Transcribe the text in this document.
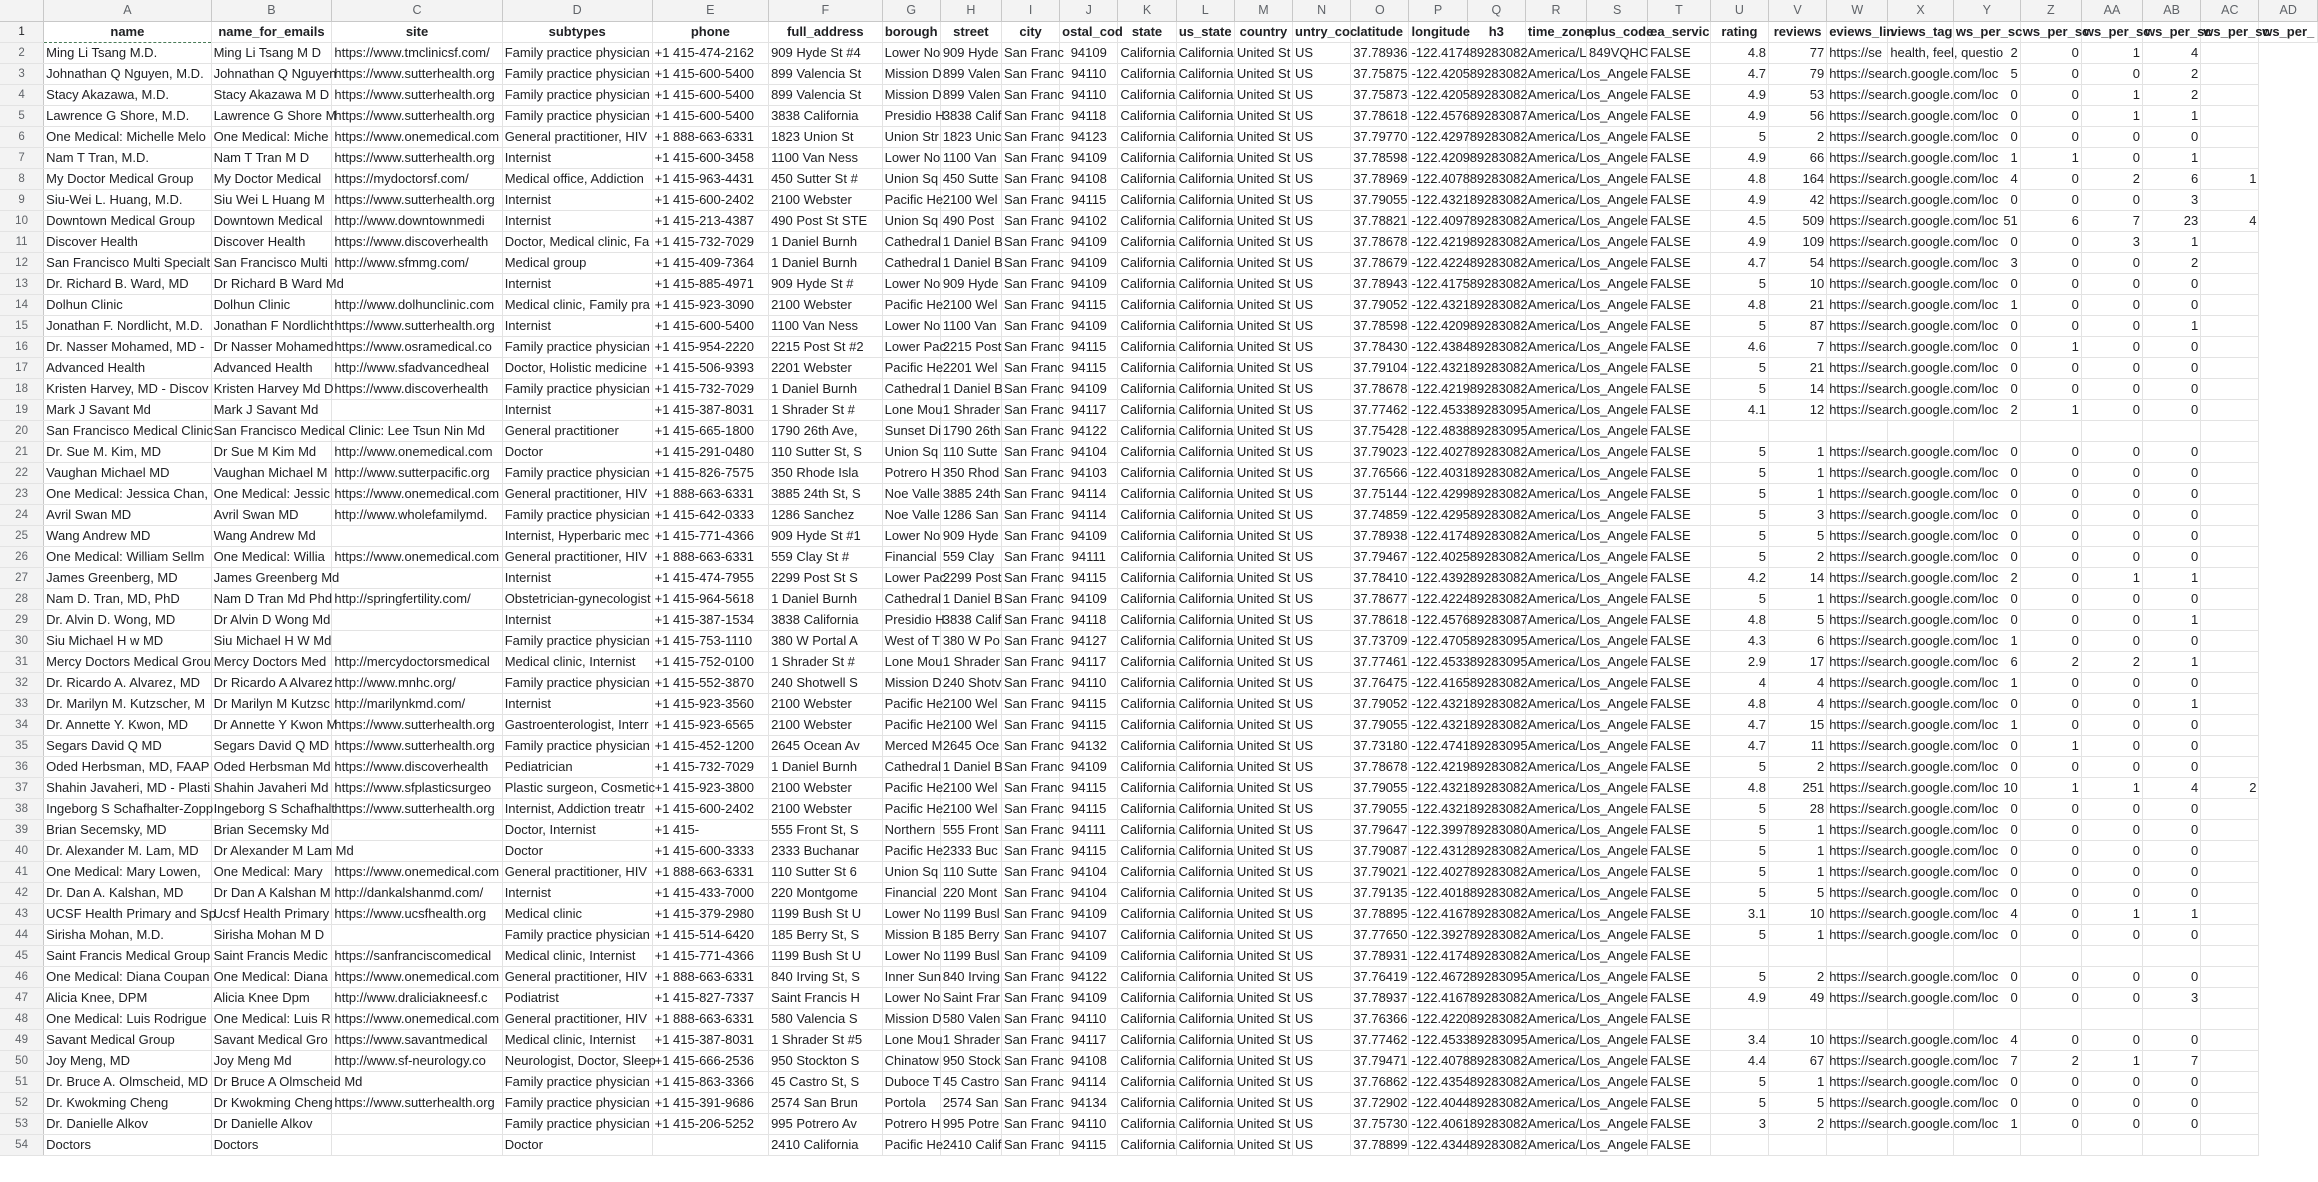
	A	B	C	D	E	F	G	H	I	J	K	L	M	N	O	P	Q	R	S	T	U	V	W	X	Y	Z	AA	AB	AC	AD
1	name	name_for_emails	site	subtypes	phone	full_address	borough	street	city	ostal_cod	state	us_state	country	untry_coc	latitude	longitude	h3	time_zone	plus_code	ea_servic	rating	reviews	eviews_lin	views_tag	ws_per_sc	ws_per_sc	ws_per_sc	ws_per_sc	ws_per_sc	ws_per_
2	Ming Li Tsang M.D.	Ming Li Tsang M D	https://www.tmclinicsf.com/	Family practice physician	+1 415-474-2162	909 Hyde St #4	Lower No	909 Hyde	San Franc	94109	California	California	United St	US	37.78936	-122.4174	89283082	America/L	849VQHC	FALSE	4.8	77	https://se	health, feel, questio	2	0	1	4		
3	Johnathan Q Nguyen, M.D.	Johnathan Q Nguyen	https://www.sutterhealth.org	Family practice physician	+1 415-600-5400	899 Valencia St	Mission D	899 Valen	San Franc	94110	California	California	United St	US	37.75875	-122.4205	89283082	America/Los_Angele		FALSE	4.7	79	https://search.google.com/loc		5	0	0	2		
4	Stacy Akazawa, M.D.	Stacy Akazawa M D	https://www.sutterhealth.org	Family practice physician	+1 415-600-5400	899 Valencia St	Mission D	899 Valen	San Franc	94110	California	California	United St	US	37.75873	-122.4205	89283082	America/Los_Angele		FALSE	4.9	53	https://search.google.com/loc		0	0	1	2		
5	Lawrence G Shore, M.D.	Lawrence G Shore M	https://www.sutterhealth.org	Family practice physician	+1 415-600-5400	3838 California	Presidio H	3838 Calif	San Franc	94118	California	California	United St	US	37.78618	-122.4576	89283087	America/Los_Angele		FALSE	4.9	56	https://search.google.com/loc		0	0	1	1		
6	One Medical: Michelle Melo	One Medical: Miche	https://www.onemedical.com	General practitioner, HIV	+1 888-663-6331	1823 Union St	Union Str	1823 Unic	San Franc	94123	California	California	United St	US	37.79770	-122.4297	89283082	America/Los_Angele		FALSE	5	2	https://search.google.com/loc		0	0	0	0		
7	Nam T Tran, M.D.	Nam T Tran M D	https://www.sutterhealth.org	Internist	+1 415-600-3458	1100 Van Ness	Lower No	1100 Van	San Franc	94109	California	California	United St	US	37.78598	-122.4209	89283082	America/Los_Angele		FALSE	4.9	66	https://search.google.com/loc		1	1	0	1		
8	My Doctor Medical Group	My Doctor Medical	https://mydoctorsf.com/	Medical office, Addiction	+1 415-963-4431	450 Sutter St #	Union Sq	450 Sutte	San Franc	94108	California	California	United St	US	37.78969	-122.4078	89283082	America/Los_Angele		FALSE	4.8	164	https://search.google.com/loc		4	0	2	6	1	
9	Siu-Wei L. Huang, M.D.	Siu Wei L Huang M	https://www.sutterhealth.org	Internist	+1 415-600-2402	2100 Webster	Pacific He	2100 Wel	San Franc	94115	California	California	United St	US	37.79055	-122.4321	89283082	America/Los_Angele		FALSE	4.9	42	https://search.google.com/loc		0	0	0	3		
10	Downtown Medical Group	Downtown Medical	http://www.downtownmedi	Internist	+1 415-213-4387	490 Post St STE	Union Sq	490 Post	San Franc	94102	California	California	United St	US	37.78821	-122.4097	89283082	America/Los_Angele		FALSE	4.5	509	https://search.google.com/loc		51	6	7	23	4	
11	Discover Health	Discover Health	https://www.discoverhealth	Doctor, Medical clinic, Fa	+1 415-732-7029	1 Daniel Burnh	Cathedral	1 Daniel B	San Franc	94109	California	California	United St	US	37.78678	-122.4219	89283082	America/Los_Angele		FALSE	4.9	109	https://search.google.com/loc		0	0	3	1		
12	San Francisco Multi Specialt	San Francisco Multi	http://www.sfmmg.com/	Medical group	+1 415-409-7364	1 Daniel Burnh	Cathedral	1 Daniel B	San Franc	94109	California	California	United St	US	37.78679	-122.4224	89283082	America/Los_Angele		FALSE	4.7	54	https://search.google.com/loc		3	0	0	2		
13	Dr. Richard B. Ward, MD	Dr Richard B Ward Md		Internist	+1 415-885-4971	909 Hyde St #	Lower No	909 Hyde	San Franc	94109	California	California	United St	US	37.78943	-122.4175	89283082	America/Los_Angele		FALSE	5	10	https://search.google.com/loc		0	0	0	0		
14	Dolhun Clinic	Dolhun Clinic	http://www.dolhunclinic.com	Medical clinic, Family pra	+1 415-923-3090	2100 Webster	Pacific He	2100 Wel	San Franc	94115	California	California	United St	US	37.79052	-122.4321	89283082	America/Los_Angele		FALSE	4.8	21	https://search.google.com/loc		1	0	0	0		
15	Jonathan F. Nordlicht, M.D.	Jonathan F Nordlicht	https://www.sutterhealth.org	Internist	+1 415-600-5400	1100 Van Ness	Lower No	1100 Van	San Franc	94109	California	California	United St	US	37.78598	-122.4209	89283082	America/Los_Angele		FALSE	5	87	https://search.google.com/loc		0	0	0	1		
16	Dr. Nasser Mohamed, MD -	Dr Nasser Mohamed	https://www.osramedical.co	Family practice physician	+1 415-954-2220	2215 Post St #2	Lower Pac	2215 Post	San Franc	94115	California	California	United St	US	37.78430	-122.4384	89283082	America/Los_Angele		FALSE	4.6	7	https://search.google.com/loc		0	1	0	0		
17	Advanced Health	Advanced Health	http://www.sfadvancedheal	Doctor, Holistic medicine	+1 415-506-9393	2201 Webster	Pacific He	2201 Wel	San Franc	94115	California	California	United St	US	37.79104	-122.4321	89283082	America/Los_Angele		FALSE	5	21	https://search.google.com/loc		0	0	0	0		
18	Kristen Harvey, MD - Discov	Kristen Harvey Md D	https://www.discoverhealth	Family practice physician	+1 415-732-7029	1 Daniel Burnh	Cathedral	1 Daniel B	San Franc	94109	California	California	United St	US	37.78678	-122.4219	89283082	America/Los_Angele		FALSE	5	14	https://search.google.com/loc		0	0	0	0		
19	Mark J Savant Md	Mark J Savant Md		Internist	+1 415-387-8031	1 Shrader St #	Lone Mou	1 Shrader	San Franc	94117	California	California	United St	US	37.77462	-122.4533	89283095	America/Los_Angele		FALSE	4.1	12	https://search.google.com/loc		2	1	0	0		
20	San Francisco Medical Clinic	San Francisco Medical Clinic: Lee Tsun Nin Md		General practitioner	+1 415-665-1800	1790 26th Ave,	Sunset Di	1790 26th	San Franc	94122	California	California	United St	US	37.75428	-122.4838	89283095	America/Los_Angele		FALSE										
21	Dr. Sue M. Kim, MD	Dr Sue M Kim Md	http://www.onemedical.com	Doctor	+1 415-291-0480	110 Sutter St, S	Union Sq	110 Sutte	San Franc	94104	California	California	United St	US	37.79023	-122.4027	89283082	America/Los_Angele		FALSE	5	1	https://search.google.com/loc		0	0	0	0		
22	Vaughan Michael MD	Vaughan Michael M	http://www.sutterpacific.org	Family practice physician	+1 415-826-7575	350 Rhode Isla	Potrero H	350 Rhod	San Franc	94103	California	California	United St	US	37.76566	-122.4031	89283082	America/Los_Angele		FALSE	5	1	https://search.google.com/loc		0	0	0	0		
23	One Medical: Jessica Chan,	One Medical: Jessic	https://www.onemedical.com	General practitioner, HIV	+1 888-663-6331	3885 24th St, S	Noe Valle	3885 24th	San Franc	94114	California	California	United St	US	37.75144	-122.4299	89283082	America/Los_Angele		FALSE	5	1	https://search.google.com/loc		0	0	0	0		
24	Avril Swan MD	Avril Swan MD	http://www.wholefamilymd.	Family practice physician	+1 415-642-0333	1286 Sanchez	Noe Valle	1286 San	San Franc	94114	California	California	United St	US	37.74859	-122.4295	89283082	America/Los_Angele		FALSE	5	3	https://search.google.com/loc		0	0	0	0		
25	Wang Andrew MD	Wang Andrew Md		Internist, Hyperbaric mec	+1 415-771-4366	909 Hyde St #1	Lower No	909 Hyde	San Franc	94109	California	California	United St	US	37.78938	-122.4174	89283082	America/Los_Angele		FALSE	5	5	https://search.google.com/loc		0	0	0	0		
26	One Medical: William Sellm	One Medical: Willia	https://www.onemedical.com	General practitioner, HIV	+1 888-663-6331	559 Clay St #	Financial	559 Clay	San Franc	94111	California	California	United St	US	37.79467	-122.4025	89283082	America/Los_Angele		FALSE	5	2	https://search.google.com/loc		0	0	0	0		
27	James Greenberg, MD	James Greenberg Md		Internist	+1 415-474-7955	2299 Post St S	Lower Pac	2299 Post	San Franc	94115	California	California	United St	US	37.78410	-122.4392	89283082	America/Los_Angele		FALSE	4.2	14	https://search.google.com/loc		2	0	1	1		
28	Nam D. Tran, MD, PhD	Nam D Tran Md Phd	http://springfertility.com/	Obstetrician-gynecologist	+1 415-964-5618	1 Daniel Burnh	Cathedral	1 Daniel B	San Franc	94109	California	California	United St	US	37.78677	-122.4224	89283082	America/Los_Angele		FALSE	5	1	https://search.google.com/loc		0	0	0	0		
29	Dr. Alvin D. Wong, MD	Dr Alvin D Wong Md		Internist	+1 415-387-1534	3838 California	Presidio H	3838 Calif	San Franc	94118	California	California	United St	US	37.78618	-122.4576	89283087	America/Los_Angele		FALSE	4.8	5	https://search.google.com/loc		0	0	0	1		
30	Siu Michael H w MD	Siu Michael H W Md		Family practice physician	+1 415-753-1110	380 W Portal A	West of T	380 W Po	San Franc	94127	California	California	United St	US	37.73709	-122.4705	89283095	America/Los_Angele		FALSE	4.3	6	https://search.google.com/loc		1	0	0	0		
31	Mercy Doctors Medical Grou	Mercy Doctors Med	http://mercydoctorsmedical	Medical clinic, Internist	+1 415-752-0100	1 Shrader St #	Lone Mou	1 Shrader	San Franc	94117	California	California	United St	US	37.77461	-122.4533	89283095	America/Los_Angele		FALSE	2.9	17	https://search.google.com/loc		6	2	2	1		
32	Dr. Ricardo A. Alvarez, MD	Dr Ricardo A Alvarez	http://www.mnhc.org/	Family practice physician	+1 415-552-3870	240 Shotwell S	Mission D	240 Shotv	San Franc	94110	California	California	United St	US	37.76475	-122.4165	89283082	America/Los_Angele		FALSE	4	4	https://search.google.com/loc		1	0	0	0		
33	Dr. Marilyn M. Kutzscher, M	Dr Marilyn M Kutzsc	http://marilynkmd.com/	Internist	+1 415-923-3560	2100 Webster	Pacific He	2100 Wel	San Franc	94115	California	California	United St	US	37.79052	-122.4321	89283082	America/Los_Angele		FALSE	4.8	4	https://search.google.com/loc		0	0	0	1		
34	Dr. Annette Y. Kwon, MD	Dr Annette Y Kwon M	https://www.sutterhealth.org	Gastroenterologist, Interr	+1 415-923-6565	2100 Webster	Pacific He	2100 Wel	San Franc	94115	California	California	United St	US	37.79055	-122.4321	89283082	America/Los_Angele		FALSE	4.7	15	https://search.google.com/loc		1	0	0	0		
35	Segars David Q MD	Segars David Q MD	https://www.sutterhealth.org	Family practice physician	+1 415-452-1200	2645 Ocean Av	Merced M	2645 Oce	San Franc	94132	California	California	United St	US	37.73180	-122.4741	89283095	America/Los_Angele		FALSE	4.7	11	https://search.google.com/loc		0	1	0	0		
36	Oded Herbsman, MD, FAAP	Oded Herbsman Md	https://www.discoverhealth	Pediatrician	+1 415-732-7029	1 Daniel Burnh	Cathedral	1 Daniel B	San Franc	94109	California	California	United St	US	37.78678	-122.4219	89283082	America/Los_Angele		FALSE	5	2	https://search.google.com/loc		0	0	0	0		
37	Shahin Javaheri, MD - Plasti	Shahin Javaheri Md	https://www.sfplasticsurgeo	Plastic surgeon, Cosmetic	+1 415-923-3800	2100 Webster	Pacific He	2100 Wel	San Franc	94115	California	California	United St	US	37.79055	-122.4321	89283082	America/Los_Angele		FALSE	4.8	251	https://search.google.com/loc		10	1	1	4	2	
38	Ingeborg S Schafhalter-Zopp	Ingeborg S Schafhalt	https://www.sutterhealth.org	Internist, Addiction treatr	+1 415-600-2402	2100 Webster	Pacific He	2100 Wel	San Franc	94115	California	California	United St	US	37.79055	-122.4321	89283082	America/Los_Angele		FALSE	5	28	https://search.google.com/loc		0	0	0	0		
39	Brian Secemsky, MD	Brian Secemsky Md		Doctor, Internist	+1 415-	555 Front St, S	Northern	555 Front	San Franc	94111	California	California	United St	US	37.79647	-122.3997	89283080	America/Los_Angele		FALSE	5	1	https://search.google.com/loc		0	0	0	0		
40	Dr. Alexander M. Lam, MD	Dr Alexander M Lam Md		Doctor	+1 415-600-3333	2333 Buchanar	Pacific He	2333 Buc	San Franc	94115	California	California	United St	US	37.79087	-122.4312	89283082	America/Los_Angele		FALSE	5	1	https://search.google.com/loc		0	0	0	0		
41	One Medical: Mary Lowen,	One Medical: Mary	https://www.onemedical.com	General practitioner, HIV	+1 888-663-6331	110 Sutter St 6	Union Sq	110 Sutte	San Franc	94104	California	California	United St	US	37.79021	-122.4027	89283082	America/Los_Angele		FALSE	5	1	https://search.google.com/loc		0	0	0	0		
42	Dr. Dan A. Kalshan, MD	Dr Dan A Kalshan M	http://dankalshanmd.com/	Internist	+1 415-433-7000	220 Montgome	Financial	220 Mont	San Franc	94104	California	California	United St	US	37.79135	-122.4018	89283082	America/Los_Angele		FALSE	5	5	https://search.google.com/loc		0	0	0	0		
43	UCSF Health Primary and Sp	Ucsf Health Primary	https://www.ucsfhealth.org	Medical clinic	+1 415-379-2980	1199 Bush St U	Lower No	1199 Busl	San Franc	94109	California	California	United St	US	37.78895	-122.4167	89283082	America/Los_Angele		FALSE	3.1	10	https://search.google.com/loc		4	0	1	1		
44	Sirisha Mohan, M.D.	Sirisha Mohan M D		Family practice physician	+1 415-514-6420	185 Berry St, S	Mission B	185 Berry	San Franc	94107	California	California	United St	US	37.77650	-122.3927	89283082	America/Los_Angele		FALSE	5	1	https://search.google.com/loc		0	0	0	0		
45	Saint Francis Medical Group	Saint Francis Medic	https://sanfranciscomedical	Medical clinic, Internist	+1 415-771-4366	1199 Bush St U	Lower No	1199 Busl	San Franc	94109	California	California	United St	US	37.78931	-122.4174	89283082	America/Los_Angele		FALSE										
46	One Medical: Diana Coupan	One Medical: Diana	https://www.onemedical.com	General practitioner, HIV	+1 888-663-6331	840 Irving St, S	Inner Sun	840 Irving	San Franc	94122	California	California	United St	US	37.76419	-122.4672	89283095	America/Los_Angele		FALSE	5	2	https://search.google.com/loc		0	0	0	0		
47	Alicia Knee, DPM	Alicia Knee Dpm	http://www.draliciakneesf.c	Podiatrist	+1 415-827-7337	Saint Francis H	Lower No	Saint Frar	San Franc	94109	California	California	United St	US	37.78937	-122.4167	89283082	America/Los_Angele		FALSE	4.9	49	https://search.google.com/loc		0	0	0	3		
48	One Medical: Luis Rodrigue	One Medical: Luis R	https://www.onemedical.com	General practitioner, HIV	+1 888-663-6331	580 Valencia S	Mission D	580 Valen	San Franc	94110	California	California	United St	US	37.76366	-122.4220	89283082	America/Los_Angele		FALSE										
49	Savant Medical Group	Savant Medical Gro	https://www.savantmedical	Medical clinic, Internist	+1 415-387-8031	1 Shrader St #5	Lone Mou	1 Shrader	San Franc	94117	California	California	United St	US	37.77462	-122.4533	89283095	America/Los_Angele		FALSE	3.4	10	https://search.google.com/loc		4	0	0	0		
50	Joy Meng, MD	Joy Meng Md	http://www.sf-neurology.co	Neurologist, Doctor, Sleep	+1 415-666-2536	950 Stockton S	Chinatow	950 Stock	San Franc	94108	California	California	United St	US	37.79471	-122.4078	89283082	America/Los_Angele		FALSE	4.4	67	https://search.google.com/loc		7	2	1	7		
51	Dr. Bruce A. Olmscheid, MD	Dr Bruce A Olmscheid Md		Family practice physician	+1 415-863-3366	45 Castro St, S	Duboce T	45 Castro	San Franc	94114	California	California	United St	US	37.76862	-122.4354	89283082	America/Los_Angele		FALSE	5	1	https://search.google.com/loc		0	0	0	0		
52	Dr. Kwokming Cheng	Dr Kwokming Cheng	https://www.sutterhealth.org	Family practice physician	+1 415-391-9686	2574 San Brun	Portola	2574 San	San Franc	94134	California	California	United St	US	37.72902	-122.4044	89283082	America/Los_Angele		FALSE	5	5	https://search.google.com/loc		0	0	0	0		
53	Dr. Danielle Alkov	Dr Danielle Alkov		Family practice physician	+1 415-206-5252	995 Potrero Av	Potrero H	995 Potre	San Franc	94110	California	California	United St	US	37.75730	-122.4061	89283082	America/Los_Angele		FALSE	3	2	https://search.google.com/loc		1	0	0	0		
54	Doctors	Doctors		Doctor		2410 California	Pacific He	2410 Calif	San Franc	94115	California	California	United St	US	37.78899	-122.4344	89283082	America/Los_Angele		FALSE										
